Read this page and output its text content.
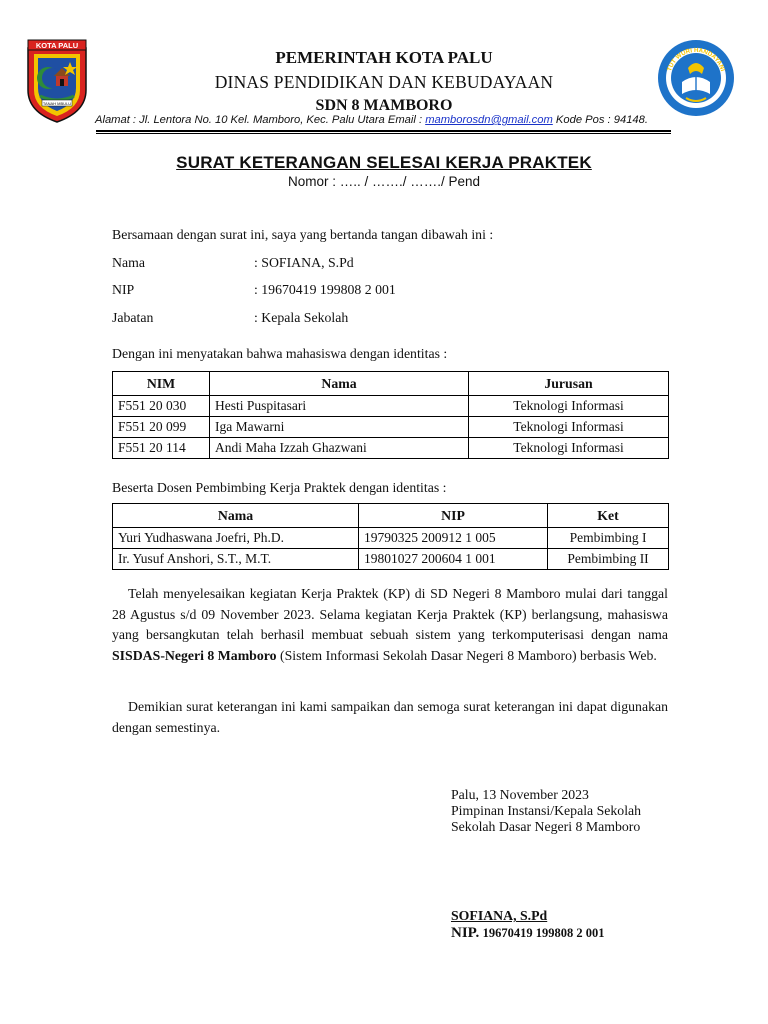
KOTA PALU
TANAH MBULU
TUT WURI HANDAYANI
PEMERINTAH KOTA PALU
DINAS PENDIDIKAN DAN KEBUDAYAAN
SDN 8 MAMBORO
Alamat : Jl. Lentora No. 10 Kel. Mamboro, Kec. Palu Utara Email : mamborosdn@gmail.com Kode Pos : 94148.
SURAT KETERANGAN SELESAI KERJA PRAKTEK
Nomor : ….. / ……./ ……./ Pend
Bersamaan dengan surat ini, saya yang bertanda tangan dibawah ini :
Nama	: SOFIANA, S.Pd
NIP	: 19670419 199808 2 001
Jabatan	: Kepala Sekolah
Dengan ini menyatakan bahwa mahasiswa dengan identitas :
NIM	Nama	Jurusan
F551 20 030	Hesti Puspitasari	Teknologi Informasi
F551 20 099	Iga Mawarni	Teknologi Informasi
F551 20 114	Andi Maha Izzah Ghazwani	Teknologi Informasi
Beserta Dosen Pembimbing Kerja Praktek dengan identitas :
Nama	NIP	Ket
Yuri Yudhaswana Joefri, Ph.D.	19790325 200912 1 005	Pembimbing I
Ir. Yusuf Anshori, S.T., M.T.	19801027 200604 1 001	Pembimbing II
Telah menyelesaikan kegiatan Kerja Praktek (KP) di SD Negeri 8 Mamboro mulai dari tanggal 28 Agustus s/d 09 November 2023. Selama kegiatan Kerja Praktek (KP) berlangsung, mahasiswa yang bersangkutan telah berhasil membuat sebuah sistem yang terkomputerisasi dengan nama SISDAS-Negeri 8 Mamboro (Sistem Informasi Sekolah Dasar Negeri 8 Mamboro) berbasis Web.
Demikian surat keterangan ini kami sampaikan dan semoga surat keterangan ini dapat digunakan dengan semestinya.
Palu, 13 November 2023
Pimpinan Instansi/Kepala Sekolah
Sekolah Dasar Negeri 8 Mamboro
SOFIANA, S.Pd
NIP. 19670419 199808 2 001
